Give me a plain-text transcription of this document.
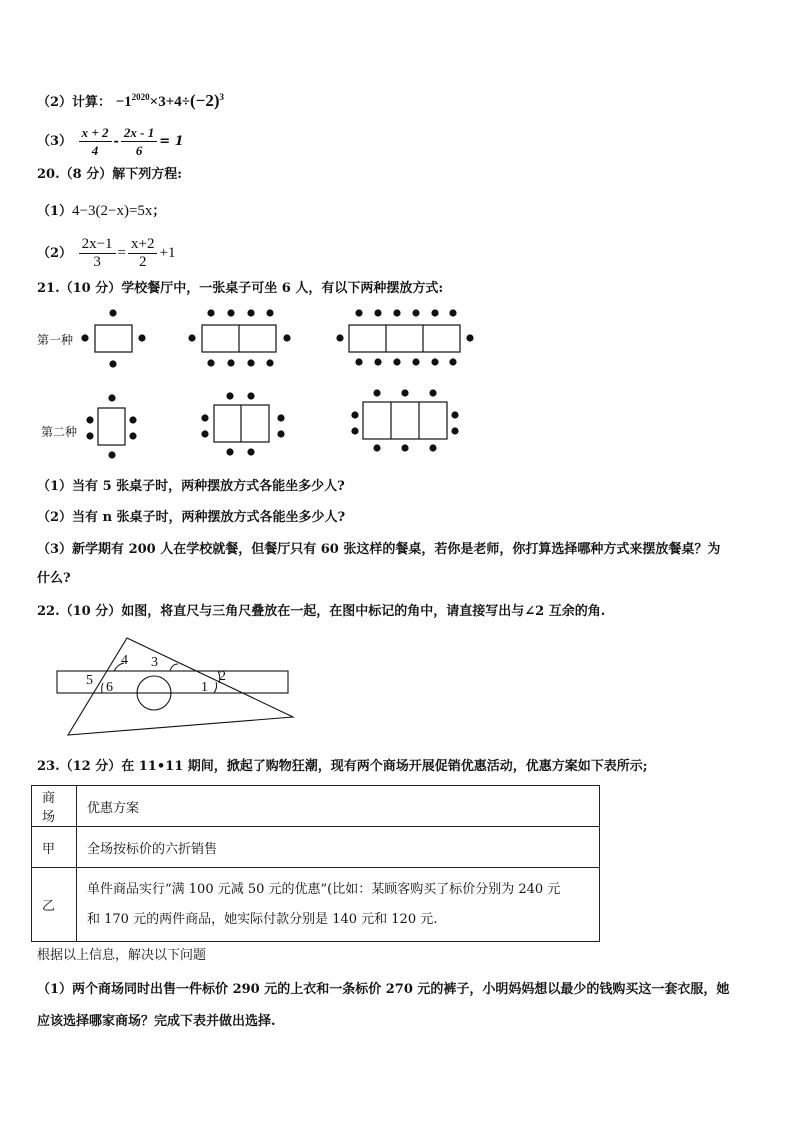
（2）计算： $-1^{2020}\times 3+4\div(-2)^3$
$(3) \frac{x + 2}{4} - \frac{2x - 1}{6} = 1$
20.（8 分）解下列方程:
（1）4−3(2−x)=5x；
$(2) \frac{2x-1}{3} = \frac{x+2}{2} +1$
21.（10 分）学校餐厅中，一张桌子可坐 6 人，有以下两种摆放方式:
第一种
第二种
（1）当有 5 张桌子时，两种摆放方式各能坐多少人?
（2）当有 n 张桌子时，两种摆放方式各能坐多少人?
（3）新学期有 200 人在学校就餐，但餐厅只有 60 张这样的餐桌，若你是老师，你打算选择哪种方式来摆放餐桌？为
什么?
22.（10 分）如图，将直尺与三角尺叠放在一起，在图中标记的角中，请直接写出与∠2 互余的角.
4 3
5 6	1
2
23.（12 分）在 11•11 期间，掀起了购物狂潮，现有两个商场开展促销优惠活动，优惠方案如下表所示;
商场	优惠方案
甲	全场按标价的六折销售
乙	单件商品实行“满 100 元减 50 元的优惠”(比如：某顾客购买了标价分别为 240 元
和 170 元的两件商品，她实际付款分别是 140 元和 120 元.
根据以上信息，解决以下问题
（1）两个商场同时出售一件标价 290 元的上衣和一条标价 270 元的裤子，小明妈妈想以最少的钱购买这一套衣服，她
应该选择哪家商场？完成下表并做出选择.
